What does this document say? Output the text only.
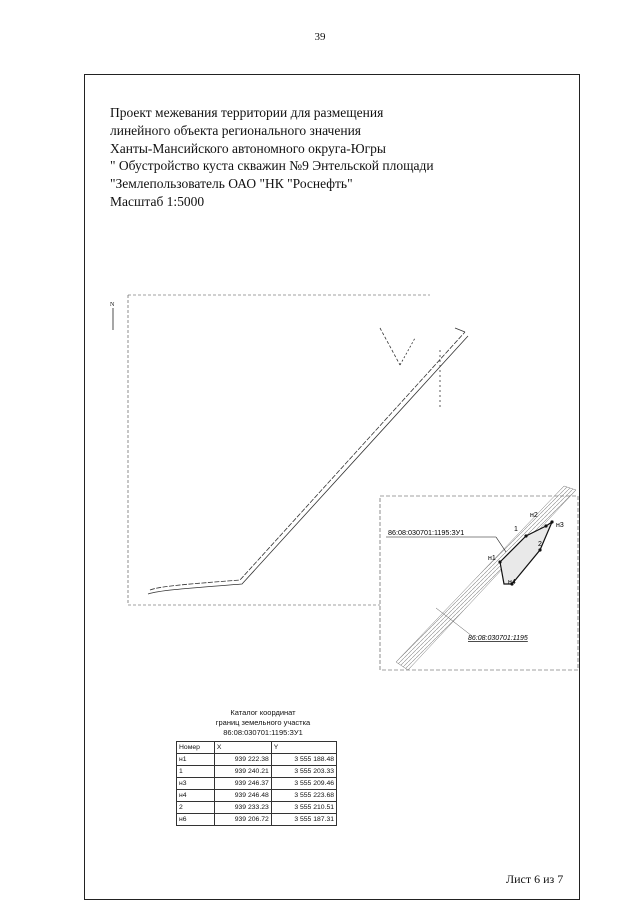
39
Проект межевания территории для размещения
линейного объекта регионального значения
Ханты-Мансийского автономного округа-Югры
" Обустройство куста скважин №9 Энтельской площади
"Землепользователь ОАО "НК "Роснефть"
Масштаб 1:5000
N
86:08:030701:1195:ЗУ1
н1
1
н2
н3
2
н4
86:08:030701:1195
Каталог координат
границ земельного участка
86:08:030701:1195:ЗУ1
Номер	X	Y
н1	939 222.38	3 555 188.48
1	939 240.21	3 555 203.33
н3	939 246.37	3 555 209.46
н4	939 246.48	3 555 223.68
2	939 233.23	3 555 210.51
н6	939 206.72	3 555 187.31
Лист 6 из 7
